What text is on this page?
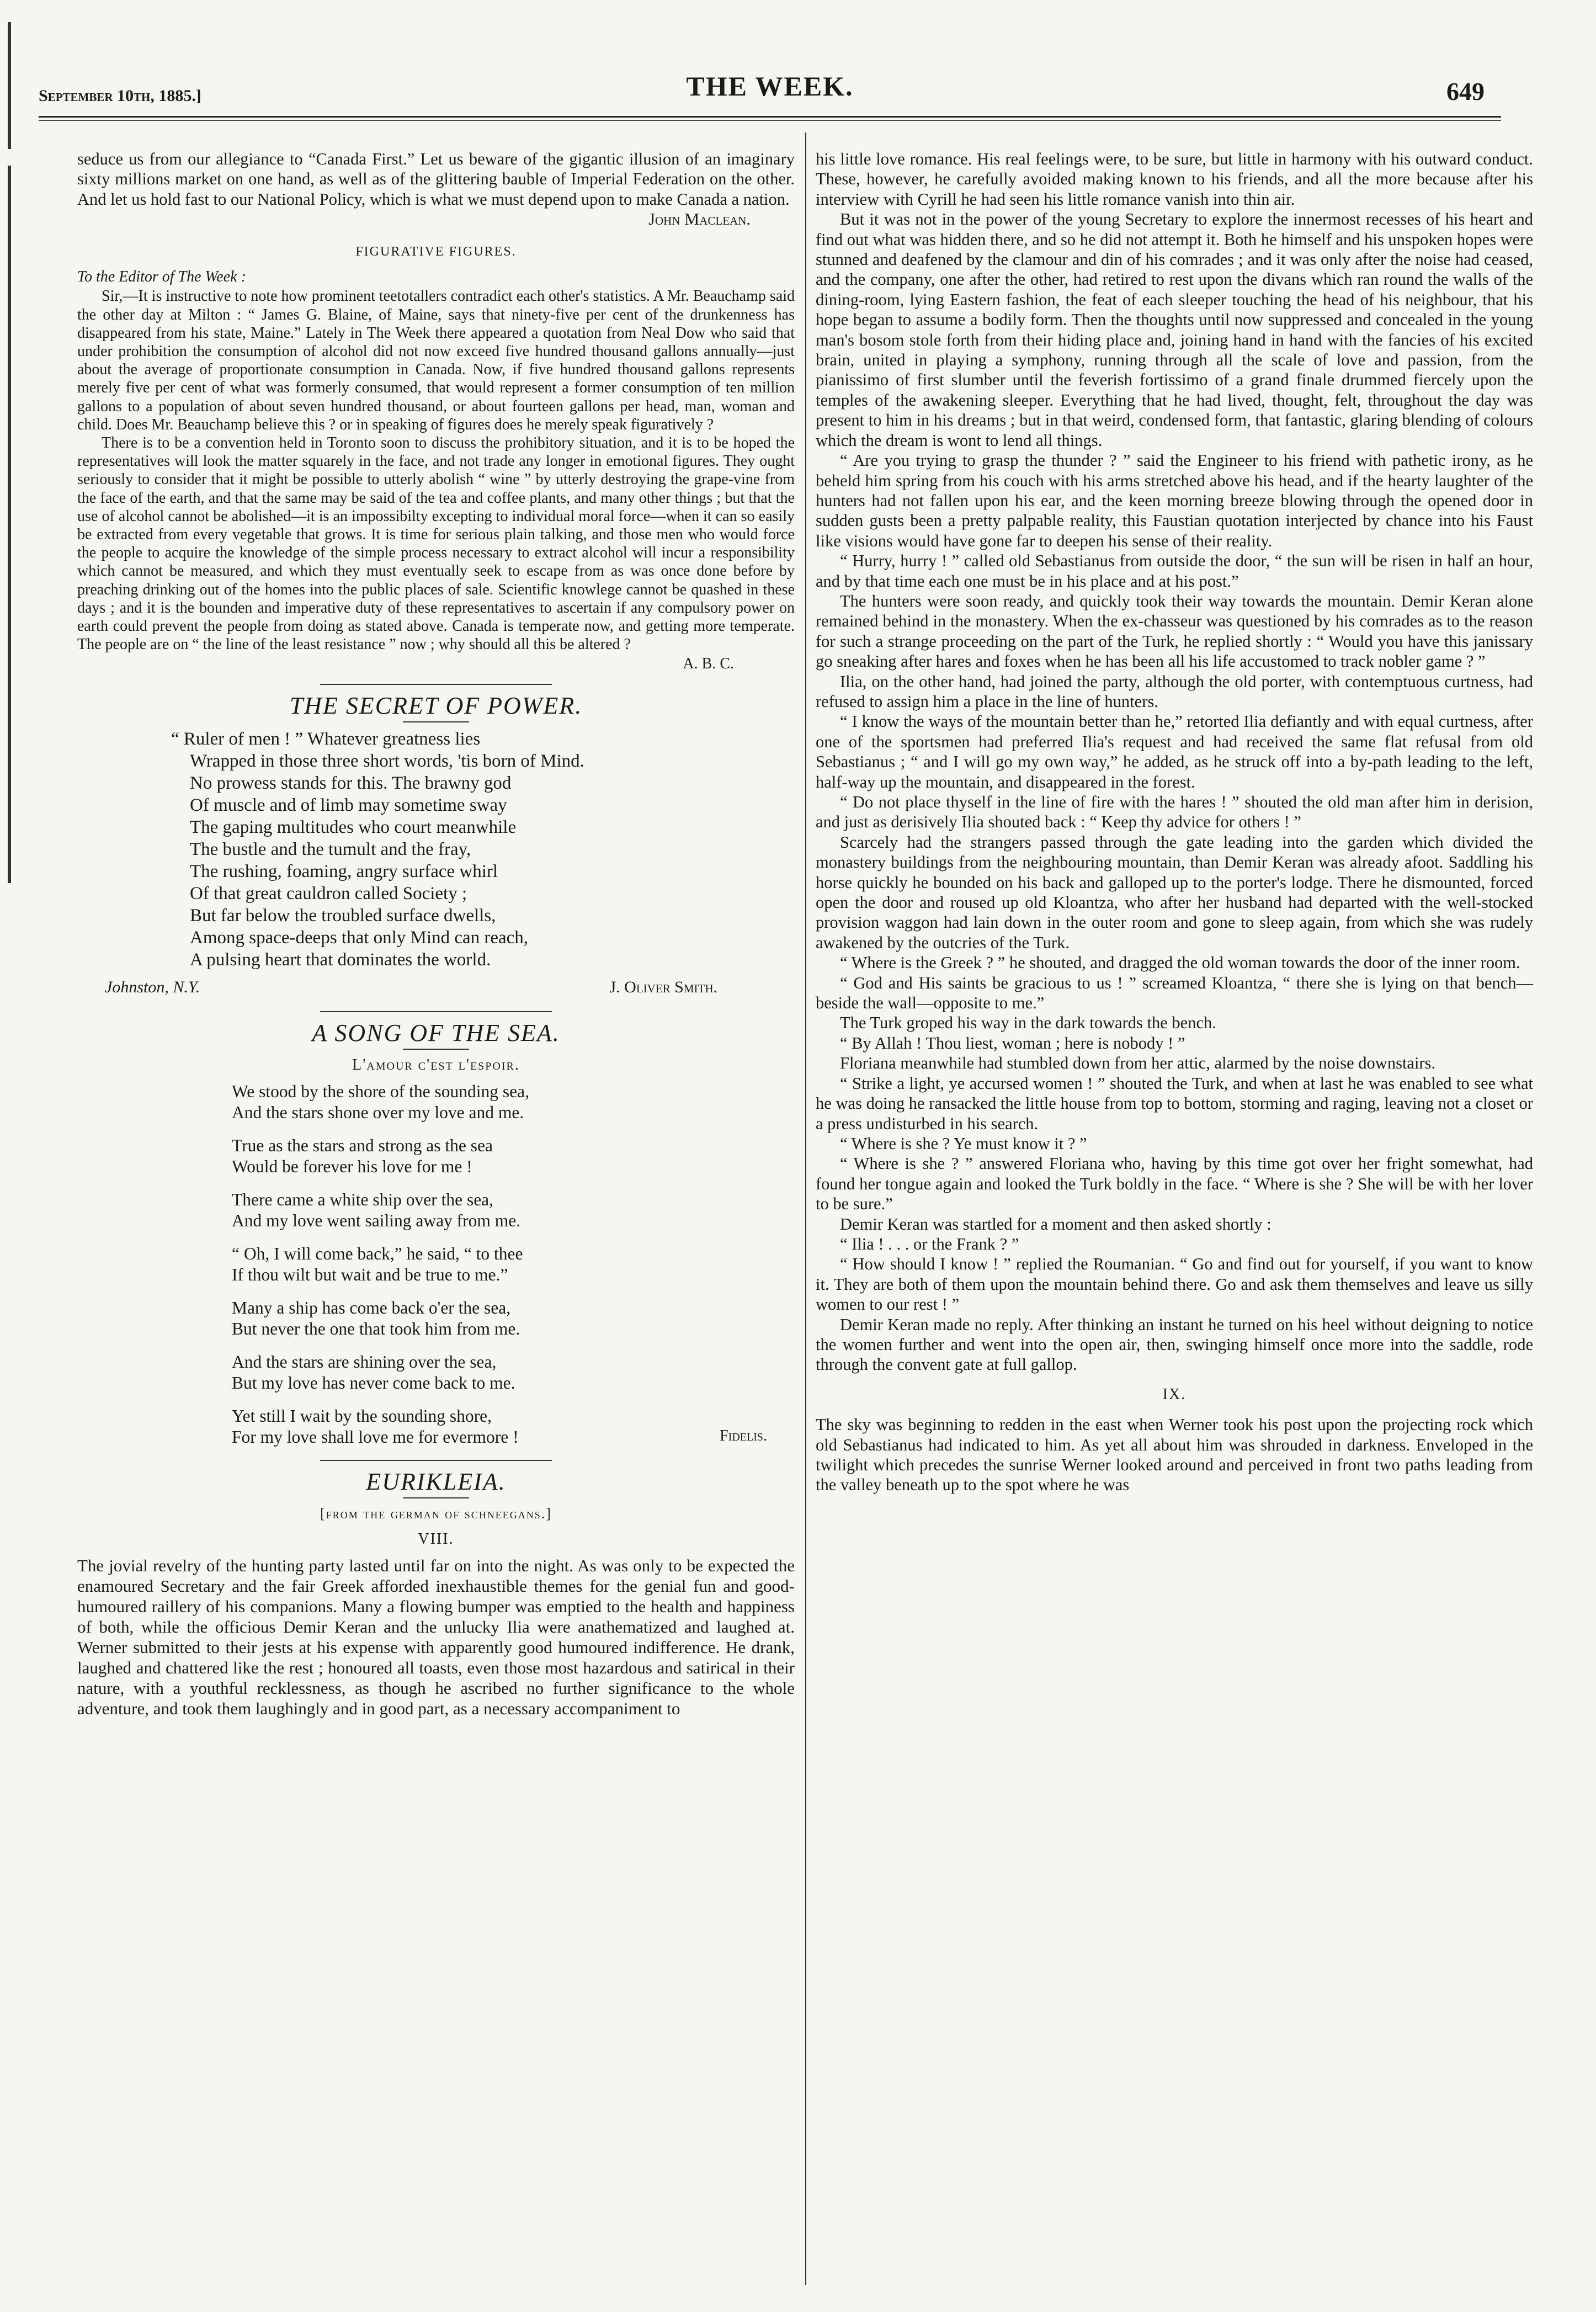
September 10th, 1885.]	THE WEEK.	649

seduce us from our allegiance to “Canada First.” Let us beware of the gigantic illusion of an imaginary sixty millions market on one hand, as well as of the glittering bauble of Imperial Federation on the other. And let us hold fast to our National Policy, which is what we must depend upon to make Canada a nation.

John Maclean.
FIGURATIVE FIGURES.
To the Editor of The Week :

Sir,—It is instructive to note how prominent teetotallers contradict each other's statistics. A Mr. Beauchamp said the other day at Milton : “ James G. Blaine, of Maine, says that ninety-five per cent of the drunkenness has disappeared from his state, Maine.” Lately in The Week there appeared a quotation from Neal Dow who said that under prohibition the consumption of alcohol did not now exceed five hundred thousand gallons annually—just about the average of proportionate consumption in Canada. Now, if five hundred thousand gallons represents merely five per cent of what was formerly consumed, that would represent a former consumption of ten million gallons to a population of about seven hundred thousand, or about fourteen gallons per head, man, woman and child. Does Mr. Beauchamp believe this ? or in speaking of figures does he merely speak figuratively ?

There is to be a convention held in Toronto soon to discuss the prohibitory situation, and it is to be hoped the representatives will look the matter squarely in the face, and not trade any longer in emotional figures. They ought seriously to consider that it might be possible to utterly abolish “ wine ” by utterly destroying the grape-vine from the face of the earth, and that the same may be said of the tea and coffee plants, and many other things ; but that the use of alcohol cannot be abolished—it is an impossibilty excepting to individual moral force—when it can so easily be extracted from every vegetable that grows. It is time for serious plain talking, and those men who would force the people to acquire the knowledge of the simple process necessary to extract alcohol will incur a responsibility which cannot be measured, and which they must eventually seek to escape from as was once done before by preaching drinking out of the homes into the public places of sale. Scientific knowlege cannot be quashed in these days ; and it is the bounden and imperative duty of these representatives to ascertain if any compulsory power on earth could prevent the people from doing as stated above. Canada is temperate now, and getting more temperate. The people are on “ the line of the least resistance ” now ; why should all this be altered ?

A. B. C.
THE SECRET OF POWER.
“ Ruler of men ! ” Whatever greatness lies
Wrapped in those three short words, 'tis born of Mind.
No prowess stands for this. The brawny god
Of muscle and of limb may sometime sway
The gaping multitudes who court meanwhile
The bustle and the tumult and the fray,
The rushing, foaming, angry surface whirl
Of that great cauldron called Society ;
But far below the troubled surface dwells,
Among space-deeps that only Mind can reach,
A pulsing heart that dominates the world.
Johnston, N.Y.	J. Oliver Smith.
A SONG OF THE SEA.
L'amour c'est l'espoir.
We stood by the shore of the sounding sea,
And the stars shone over my love and me.
True as the stars and strong as the sea
Would be forever his love for me !
There came a white ship over the sea,
And my love went sailing away from me.
“ Oh, I will come back,” he said, “ to thee
If thou wilt but wait and be true to me.”
Many a ship has come back o'er the sea,
But never the one that took him from me.
And the stars are shining over the sea,
But my love has never come back to me.
Yet still I wait by the sounding shore,
For my love shall love me for evermore !	Fidelis.
EURIKLEIA.
[from the german of schneegans.]
VIII.

The jovial revelry of the hunting party lasted until far on into the night. As was only to be expected the enamoured Secretary and the fair Greek afforded inexhaustible themes for the genial fun and good-humoured raillery of his companions. Many a flowing bumper was emptied to the health and happiness of both, while the officious Demir Keran and the unlucky Ilia were anathematized and laughed at. Werner submitted to their jests at his expense with apparently good humoured indifference. He drank, laughed and chattered like the rest ; honoured all toasts, even those most hazardous and satirical in their nature, with a youthful recklessness, as though he ascribed no further significance to the whole adventure, and took them laughingly and in good part, as a necessary accompaniment to

his little love romance. His real feelings were, to be sure, but little in harmony with his outward conduct. These, however, he carefully avoided making known to his friends, and all the more because after his interview with Cyrill he had seen his little romance vanish into thin air.

But it was not in the power of the young Secretary to explore the innermost recesses of his heart and find out what was hidden there, and so he did not attempt it. Both he himself and his unspoken hopes were stunned and deafened by the clamour and din of his comrades ; and it was only after the noise had ceased, and the company, one after the other, had retired to rest upon the divans which ran round the walls of the dining-room, lying Eastern fashion, the feat of each sleeper touching the head of his neighbour, that his hope began to assume a bodily form. Then the thoughts until now suppressed and concealed in the young man's bosom stole forth from their hiding place and, joining hand in hand with the fancies of his excited brain, united in playing a symphony, running through all the scale of love and passion, from the pianissimo of first slumber until the feverish fortissimo of a grand finale drummed fiercely upon the temples of the awakening sleeper. Everything that he had lived, thought, felt, throughout the day was present to him in his dreams ; but in that weird, condensed form, that fantastic, glaring blending of colours which the dream is wont to lend all things.

“ Are you trying to grasp the thunder ? ” said the Engineer to his friend with pathetic irony, as he beheld him spring from his couch with his arms stretched above his head, and if the hearty laughter of the hunters had not fallen upon his ear, and the keen morning breeze blowing through the opened door in sudden gusts been a pretty palpable reality, this Faustian quotation interjected by chance into his Faust like visions would have gone far to deepen his sense of their reality.

“ Hurry, hurry ! ” called old Sebastianus from outside the door, “ the sun will be risen in half an hour, and by that time each one must be in his place and at his post.”

The hunters were soon ready, and quickly took their way towards the mountain. Demir Keran alone remained behind in the monastery. When the ex-chasseur was questioned by his comrades as to the reason for such a strange proceeding on the part of the Turk, he replied shortly : “ Would you have this janissary go sneaking after hares and foxes when he has been all his life accustomed to track nobler game ? ”

Ilia, on the other hand, had joined the party, although the old porter, with contemptuous curtness, had refused to assign him a place in the line of hunters.

“ I know the ways of the mountain better than he,” retorted Ilia defiantly and with equal curtness, after one of the sportsmen had preferred Ilia's request and had received the same flat refusal from old Sebastianus ; “ and I will go my own way,” he added, as he struck off into a by-path leading to the left, half-way up the mountain, and disappeared in the forest.

“ Do not place thyself in the line of fire with the hares ! ” shouted the old man after him in derision, and just as derisively Ilia shouted back : “ Keep thy advice for others ! ”

Scarcely had the strangers passed through the gate leading into the garden which divided the monastery buildings from the neighbouring mountain, than Demir Keran was already afoot. Saddling his horse quickly he bounded on his back and galloped up to the porter's lodge. There he dismounted, forced open the door and roused up old Kloantza, who after her husband had departed with the well-stocked provision waggon had lain down in the outer room and gone to sleep again, from which she was rudely awakened by the outcries of the Turk.

“ Where is the Greek ? ” he shouted, and dragged the old woman towards the door of the inner room.

“ God and His saints be gracious to us ! ” screamed Kloantza, “ there she is lying on that bench—beside the wall—opposite to me.”

The Turk groped his way in the dark towards the bench.

“ By Allah ! Thou liest, woman ; here is nobody ! ”

Floriana meanwhile had stumbled down from her attic, alarmed by the noise downstairs.

“ Strike a light, ye accursed women ! ” shouted the Turk, and when at last he was enabled to see what he was doing he ransacked the little house from top to bottom, storming and raging, leaving not a closet or a press undisturbed in his search.

“ Where is she ? Ye must know it ? ”

“ Where is she ? ” answered Floriana who, having by this time got over her fright somewhat, had found her tongue again and looked the Turk boldly in the face. “ Where is she ? She will be with her lover to be sure.”

Demir Keran was startled for a moment and then asked shortly :

“ Ilia ! . . . or the Frank ? ”

“ How should I know ! ” replied the Roumanian. “ Go and find out for yourself, if you want to know it. They are both of them upon the mountain behind there. Go and ask them themselves and leave us silly women to our rest ! ”

Demir Keran made no reply. After thinking an instant he turned on his heel without deigning to notice the women further and went into the open air, then, swinging himself once more into the saddle, rode through the convent gate at full gallop.

IX.

The sky was beginning to redden in the east when Werner took his post upon the projecting rock which old Sebastianus had indicated to him. As yet all about him was shrouded in darkness. Enveloped in the twilight which precedes the sunrise Werner looked around and perceived in front two paths leading from the valley beneath up to the spot where he was
